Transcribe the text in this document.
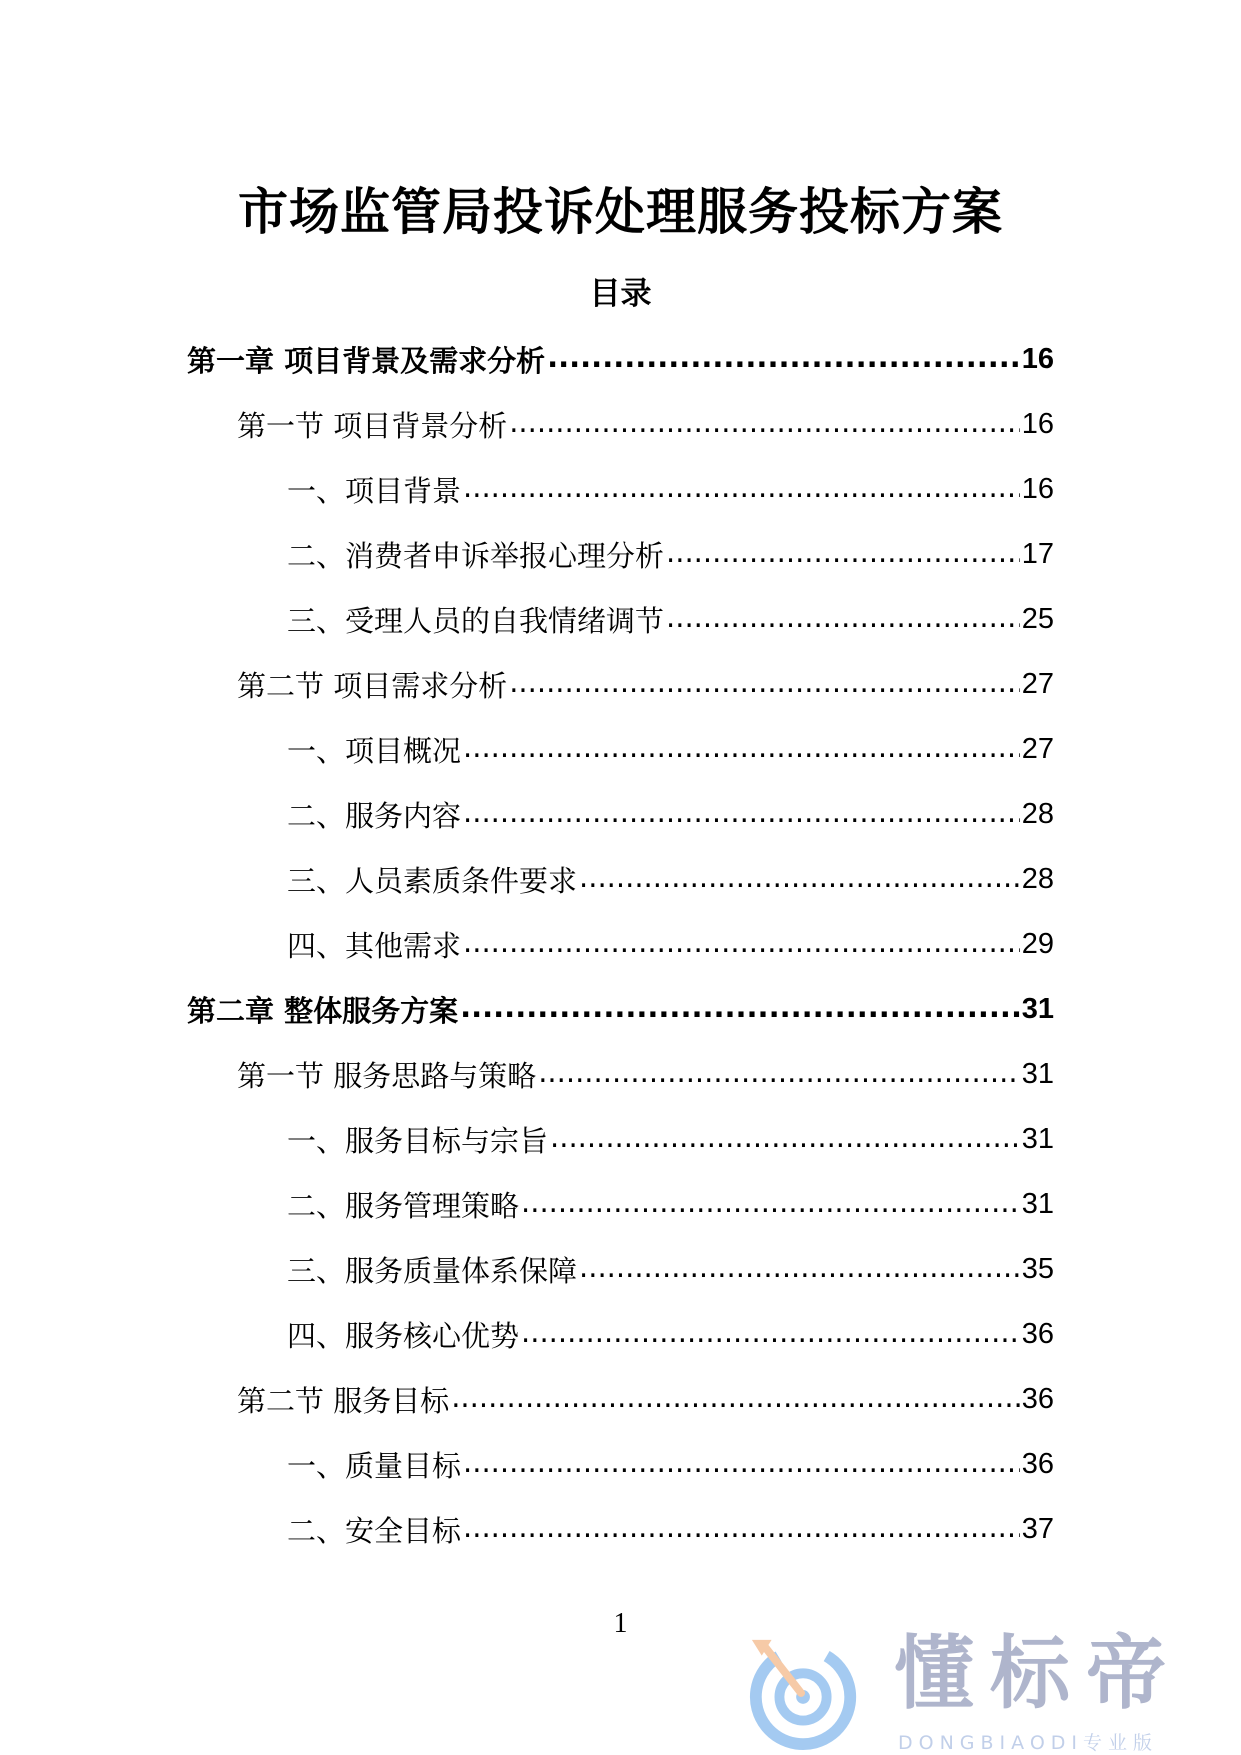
市场监管局投诉处理服务投标方案
目录
第一章 项目背景及需求分析 .....	16
第一节 项目背景分析 .....	16
一、项目背景 .....	16
二、消费者申诉举报心理分析 .....	17
三、受理人员的自我情绪调节 .....	25
第二节 项目需求分析 .....	27
一、项目概况 .....	27
二、服务内容 .....	28
三、人员素质条件要求 .....	28
四、其他需求 .....	29
第二章 整体服务方案 .....	31
第一节 服务思路与策略 .....	31
一、服务目标与宗旨 .....	31
二、服务管理策略 .....	31
三、服务质量体系保障 .....	35
四、服务核心优势 .....	36
第二节 服务目标 .....	36
一、质量目标 .....	36
二、安全目标 .....	37
1
懂标帝
DONGBIAODI专业版
